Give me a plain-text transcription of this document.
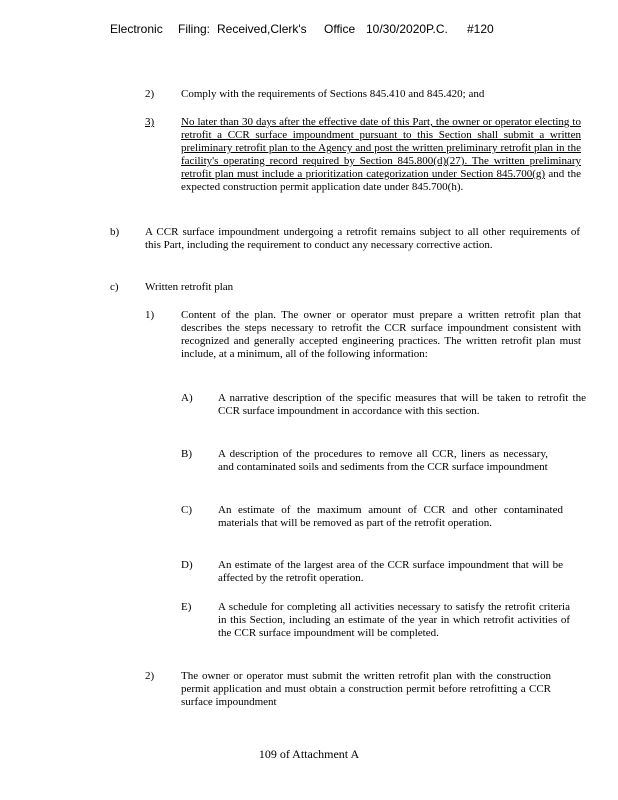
Electronic Filing: Received,Clerk's Office 10/30/2020P.C. #120
2) Comply with the requirements of Sections 845.410 and 845.420; and
3) No later than 30 days after the effective date of this Part, the owner or operator electing to retrofit a CCR surface impoundment pursuant to this Section shall submit a written preliminary retrofit plan to the Agency and post the written preliminary retrofit plan in the facility's operating record required by Section 845.800(d)(27). The written preliminary retrofit plan must include a prioritization categorization under Section 845.700(g) and the expected construction permit application date under 845.700(h).
b) A CCR surface impoundment undergoing a retrofit remains subject to all other requirements of this Part, including the requirement to conduct any necessary corrective action.
c) Written retrofit plan
1) Content of the plan. The owner or operator must prepare a written retrofit plan that describes the steps necessary to retrofit the CCR surface impoundment consistent with recognized and generally accepted engineering practices. The written retrofit plan must include, at a minimum, all of the following information:
A) A narrative description of the specific measures that will be taken to retrofit the CCR surface impoundment in accordance with this section.
B) A description of the procedures to remove all CCR, liners as necessary, and contaminated soils and sediments from the CCR surface impoundment
C) An estimate of the maximum amount of CCR and other contaminated materials that will be removed as part of the retrofit operation.
D) An estimate of the largest area of the CCR surface impoundment that will be affected by the retrofit operation.
E) A schedule for completing all activities necessary to satisfy the retrofit criteria in this Section, including an estimate of the year in which retrofit activities of the CCR surface impoundment will be completed.
2) The owner or operator must submit the written retrofit plan with the construction permit application and must obtain a construction permit before retrofitting a CCR surface impoundment
109 of Attachment A
